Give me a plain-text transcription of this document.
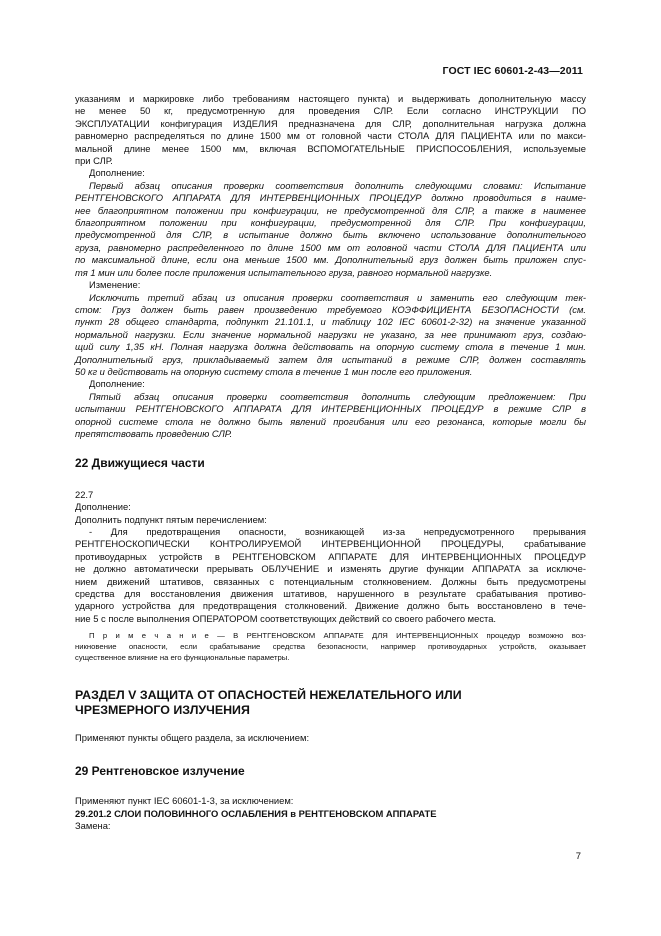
ГОСТ IEC 60601-2-43—2011

указаниям и маркировке либо требованиям настоящего пункта) и выдерживать дополнительную массу

не менее 50 кг, предусмотренную для проведения СЛР. Если согласно ИНСТРУКЦИИ ПО

ЭКСПЛУАТАЦИИ конфигурация ИЗДЕЛИЯ предназначена для СЛР, дополнительная нагрузка должна

равномерно распределяться по длине 1500 мм от головной части СТОЛА ДЛЯ ПАЦИЕНТА или по макси-

мальной длине менее 1500 мм, включая ВСПОМОГАТЕЛЬНЫЕ ПРИСПОСОБЛЕНИЯ, используемые

при СЛР.

Дополнение:

Первый абзац описания проверки соответствия дополнить следующими словами: Испытание

РЕНТГЕНОВСКОГО АППАРАТА ДЛЯ ИНТЕРВЕНЦИОННЫХ ПРОЦЕДУР должно проводиться в наиме-

нее благоприятном положении при конфигурации, не предусмотренной для СЛР, а также в наименее

благоприятном положении при конфигурации, предусмотренной для СЛР. При конфигурации,

предусмотренной для СЛР, в испытание должно быть включено использование дополнительного

груза, равномерно распределенного по длине 1500 мм от головной части СТОЛА ДЛЯ ПАЦИЕНТА или

по максимальной длине, если она меньше 1500 мм. Дополнительный груз должен быть приложен спус-

тя 1 мин или более после приложения испытательного груза, равного нормальной нагрузке.

Изменение:

Исключить третий абзац из описания проверки соответствия и заменить его следующим тек-

стом: Груз должен быть равен произведению требуемого КОЭФФИЦИЕНТА БЕЗОПАСНОСТИ (см.

пункт 28 общего стандарта, подпункт 21.101.1, и таблицу 102 IEC 60601-2-32) на значение указанной

нормальной нагрузки. Если значение нормальной нагрузки не указано, за нее принимают груз, создаю-

щий силу 1,35 кН. Полная нагрузка должна действовать на опорную систему стола в течение 1 мин.

Дополнительный груз, прикладываемый затем для испытаний в режиме СЛР, должен составлять

50 кг и действовать на опорную систему стола в течение 1 мин после его приложения.

Дополнение:

Пятый абзац описания проверки соответствия дополнить следующим предложением: При

испытании РЕНТГЕНОВСКОГО АППАРАТА ДЛЯ ИНТЕРВЕНЦИОННЫХ ПРОЦЕДУР в режиме СЛР в

опорной системе стола не должно быть явлений прогибания или его резонанса, которые могли бы

препятствовать проведению СЛР.

22 Движущиеся части

22.7

Дополнение:

Дополнить подпункт пятым перечислением:

- Для предотвращения опасности, возникающей из-за непредусмотренного прерывания

РЕНТГЕНОСКОПИЧЕСКИ КОНТРОЛИРУЕМОЙ ИНТЕРВЕНЦИОННОЙ ПРОЦЕДУРЫ, срабатывание

противоударных устройств в РЕНТГЕНОВСКОМ АППАРАТЕ ДЛЯ ИНТЕРВЕНЦИОННЫХ ПРОЦЕДУР

не должно автоматически прерывать ОБЛУЧЕНИЕ и изменять другие функции АППАРАТА за исключе-

нием движений штативов, связанных с потенциальным столкновением. Должны быть предусмотрены

средства для восстановления движения штативов, нарушенного в результате срабатывания противо-

ударного устройства для предотвращения столкновений. Движение должно быть восстановлено в тече-

ние 5 с после выполнения ОПЕРАТОРОМ соответствующих действий со своего рабочего места.

П р и м е ч а н и е — В РЕНТГЕНОВСКОМ АППАРАТЕ ДЛЯ ИНТЕРВЕНЦИОННЫХ процедур возможно воз-

никновение опасности, если срабатывание средства безопасности, например противоударных устройств, оказывает

существенное влияние на его функциональные параметры.

РАЗДЕЛ V ЗАЩИТА ОТ ОПАСНОСТЕЙ НЕЖЕЛАТЕЛЬНОГО ИЛИ
ЧРЕЗМЕРНОГО ИЗЛУЧЕНИЯ

Применяют пункты общего раздела, за исключением:

29 Рентгеновское излучение

Применяют пункт IEC 60601-1-3, за исключением:

29.201.2 СЛОИ ПОЛОВИННОГО ОСЛАБЛЕНИЯ в РЕНТГЕНОВСКОМ АППАРАТЕ

Замена:

7
